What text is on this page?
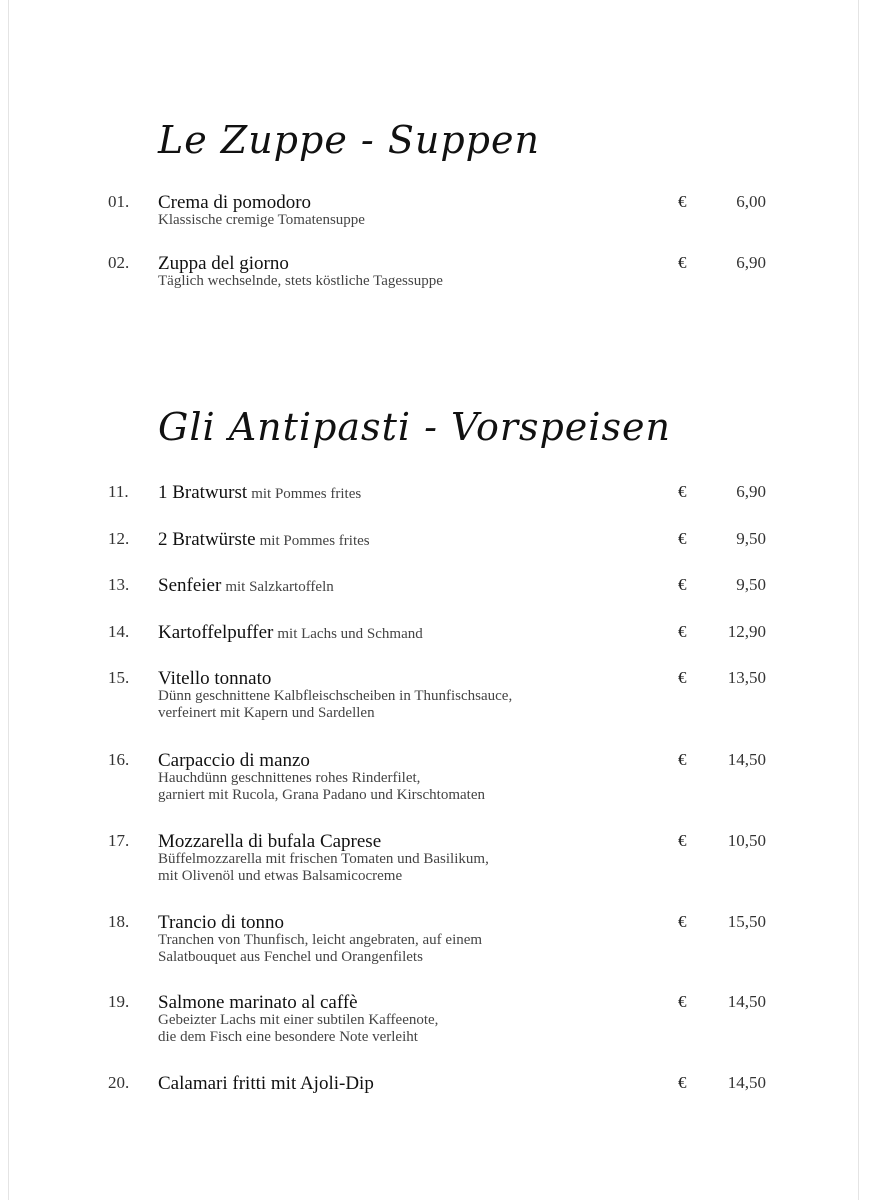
Le Zuppe - Suppen
01. Crema di pomodoro
Klassische cremige Tomatensuppe
€	6,00
02. Zuppa del giorno
Täglich wechselnde, stets köstliche Tagessuppe
€	6,90
Gli Antipasti - Vorspeisen
11. 1 Bratwurst mit Pommes frites	€	6,90
12. 2 Bratwürste mit Pommes frites	€	9,50
13. Senfeier mit Salzkartoffeln	€	9,50
14. Kartoffelpuffer mit Lachs und Schmand	€	12,90
15. Vitello tonnato
Dünn geschnittene Kalbfleischscheiben in Thunfischsauce,
verfeinert mit Kapern und Sardellen
€	13,50
16. Carpaccio di manzo
Hauchdünn geschnittenes rohes Rinderfilet,
garniert mit Rucola, Grana Padano und Kirschtomaten
€	14,50
17. Mozzarella di bufala Caprese
Büffelmozzarella mit frischen Tomaten und Basilikum,
mit Olivenöl und etwas Balsamicocreme
€	10,50
18. Trancio di tonno
Tranchen von Thunfisch, leicht angebraten, auf einem
Salatbouquet aus Fenchel und Orangenfilets
€	15,50
19. Salmone marinato al caffè
Gebeizter Lachs mit einer subtilen Kaffeenote,
die dem Fisch eine besondere Note verleiht
€	14,50
20. Calamari fritti mit Ajoli-Dip	€	14,50
